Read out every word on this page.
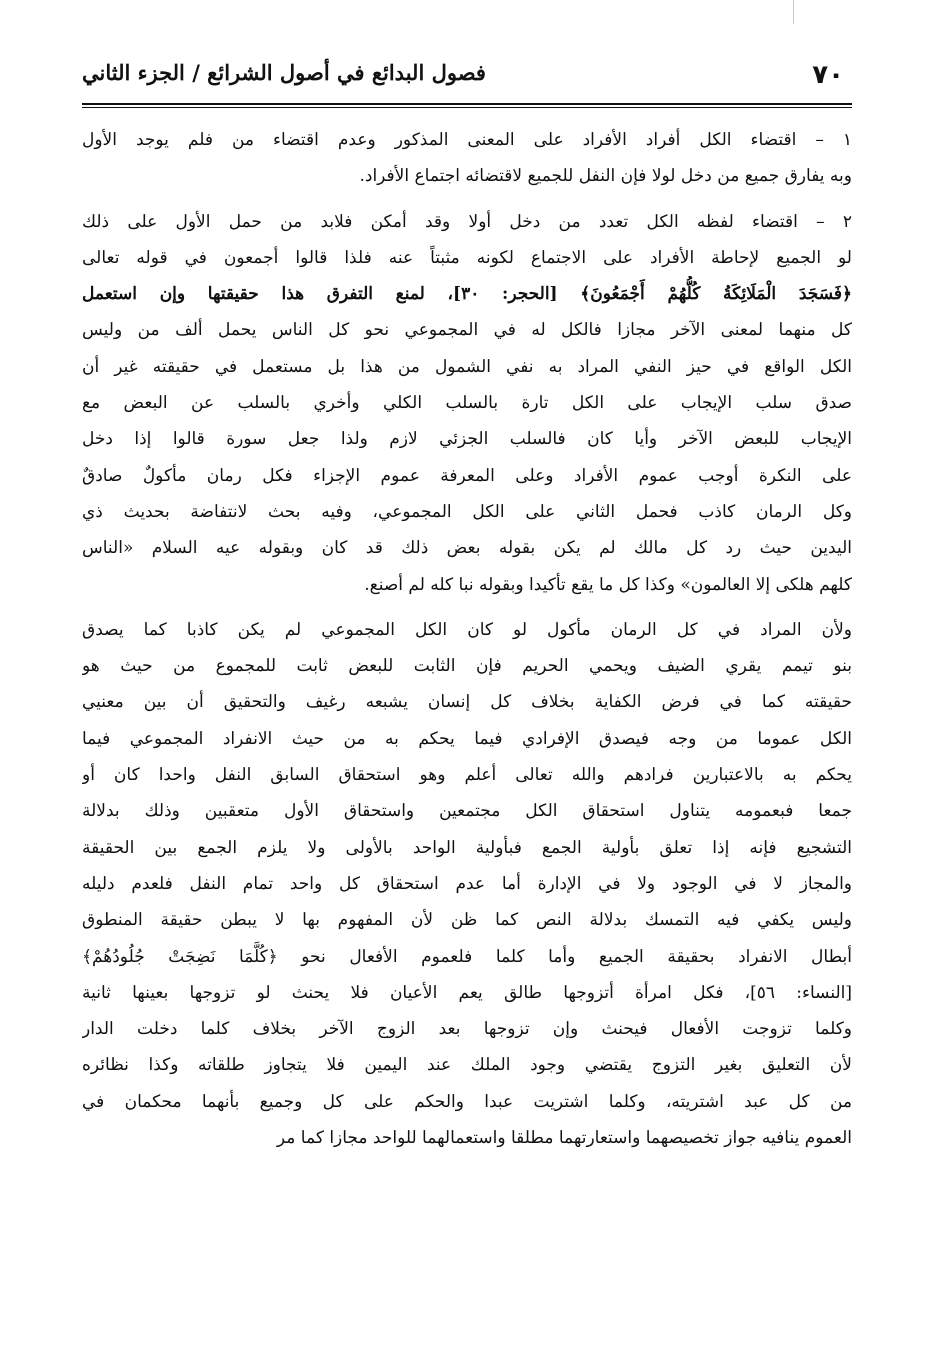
٧٠
فصول البدائع في أصول الشرائع / الجزء الثاني

١ – اقتضاء الكل أفراد الأفراد على المعنى المذكور وعدم اقتضاء من فلم يوجد الأول
وبه يفارق جميع من دخل لولا فإن النفل للجميع لاقتضائه اجتماع الأفراد.

٢ – اقتضاء لفظه الكل تعدد من دخل أولا وقد أمكن فلابد من حمل الأول على ذلك
لو الجميع لإحاطة الأفراد على الاجتماع لكونه مثبتاً عنه فلذا قالوا أجمعون في قوله تعالى
﴿فَسَجَدَ الْمَلَائِكَةُ كُلُّهُمْ أَجْمَعُونَ﴾ [الحجر: ٣٠]، لمنع التفرق هذا حقيقتها وإن استعمل
كل منهما لمعنى الآخر مجازا فالكل له في المجموعي نحو كل الناس يحمل ألف من وليس
الكل الواقع في حيز النفي المراد به نفي الشمول من هذا بل مستعمل في حقيقته غير أن
صدق سلب الإيجاب على الكل تارة بالسلب الكلي وأخري بالسلب عن البعض مع
الإيجاب للبعض الآخر وأيا كان فالسلب الجزئي لازم ولذا جعل سورة قالوا إذا دخل
على النكرة أوجب عموم الأفراد وعلى المعرفة عموم الإجزاء فكل رمان مأكولٌ صادقٌ
وكل الرمان كاذب فحمل الثاني على الكل المجموعي، وفيه بحث لانتفاضة بحديث ذي
اليدين حيث رد كل مالك لم يكن بقوله بعض ذلك قد كان وبقوله عيه السلام «الناس
كلهم هلكى إلا العالمون» وكذا كل ما يقع تأكيدا وبقوله نبا كله لم أصنع.

ولأن المراد في كل الرمان مأكول لو كان الكل المجموعي لم يكن كاذبا كما يصدق
بنو تيمم يقري الضيف ويحمي الحريم فإن الثابت للبعض ثابت للمجموع من حيث هو
حقيقته كما في فرض الكفاية بخلاف كل إنسان يشبعه رغيف والتحقيق أن بين معنيي
الكل عموما من وجه فيصدق الإفرادي فيما يحكم به من حيث الانفراد المجموعي فيما
يحكم به بالاعتبارين فرادهم والله تعالى أعلم وهو استحقاق السابق النفل واحدا كان أو
جمعا فبعمومه يتناول استحقاق الكل مجتمعين واستحقاق الأول متعقبين وذلك بدلالة
التشجيع فإنه إذا تعلق بأولية الجمع فبأولية الواحد بالأولى ولا يلزم الجمع بين الحقيقة
والمجاز لا في الوجود ولا في الإدارة أما عدم استحقاق كل واحد تمام النفل فلعدم دليله
وليس يكفي فيه التمسك بدلالة النص كما ظن لأن المفهوم بها لا يبطن حقيقة المنطوق
أبطال الانفراد بحقيقة الجميع وأما كلما فلعموم الأفعال نحو ﴿كُلَّمَا نَضِجَتْ جُلُودُهُمْ﴾
[النساء: ٥٦]، فكل امرأة أتزوجها طالق يعم الأعيان فلا يحنث لو تزوجها بعينها ثانية
وكلما تزوجت الأفعال فيحنث وإن تزوجها بعد الزوج الآخر بخلاف كلما دخلت الدار
لأن التعليق بغير التزوج يقتضي وجود الملك عند اليمين فلا يتجاوز طلقاته وكذا نظائره
من كل عبد اشتريته، وكلما اشتريت عبدا والحكم على كل وجميع بأنهما محكمان في
العموم ينافيه جواز تخصيصهما واستعارتهما مطلقا واستعمالهما للواحد مجازا كما مر
